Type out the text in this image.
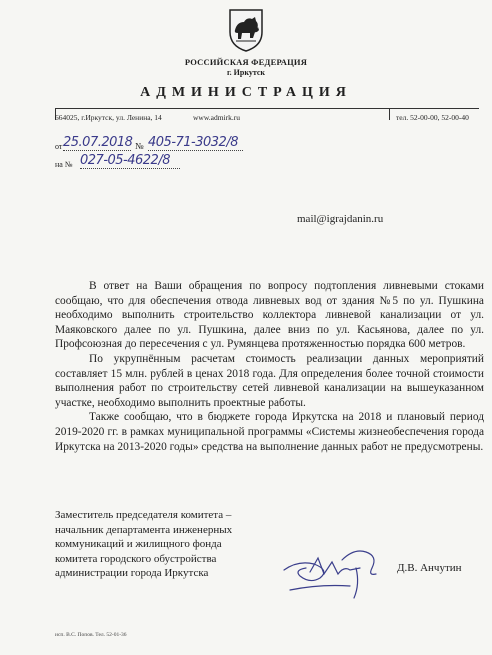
РОССИЙСКАЯ ФЕДЕРАЦИЯ
г. Иркутск
АДМИНИСТРАЦИЯ
664025, г.Иркутск, ул. Ленина, 14	www.admirk.ru	тел. 52-00-00, 52-00-40
от 25.07.2018 № 405-71-3032/8
на № 027-05-4622/8
mail@igrajdanin.ru

В ответ на Ваши обращения по вопросу подтопления ливневыми стоками сообщаю, что для обеспечения отвода ливневых вод от здания №5 по ул. Пушкина необходимо выполнить строительство коллектора ливневой канализации от ул. Маяковского далее по ул. Пушкина, далее вниз по ул. Касьянова, далее по ул. Профсоюзная до пересечения с ул. Румянцева протяженностью порядка 600 метров.

По укрупнённым расчетам стоимость реализации данных мероприятий составляет 15 млн. рублей в ценах 2018 года. Для определения более точной стоимости выполнения работ по строительству сетей ливневой канализации на вышеуказанном участке, необходимо выполнить проектные работы.

Также сообщаю, что в бюджете города Иркутска на 2018 и плановый период 2019-2020 гг. в рамках муниципальной программы «Системы жизнеобеспечения города Иркутска на 2013-2020 годы» средства на выполнение данных работ не предусмотрены.

Заместитель председателя комитета –
начальник департамента инженерных
коммуникаций и жилищного фонда
комитета городского обустройства
администрации города Иркутска	Д.В. Анчутин
исп. В.С. Попов. Тел. 52-01-36
